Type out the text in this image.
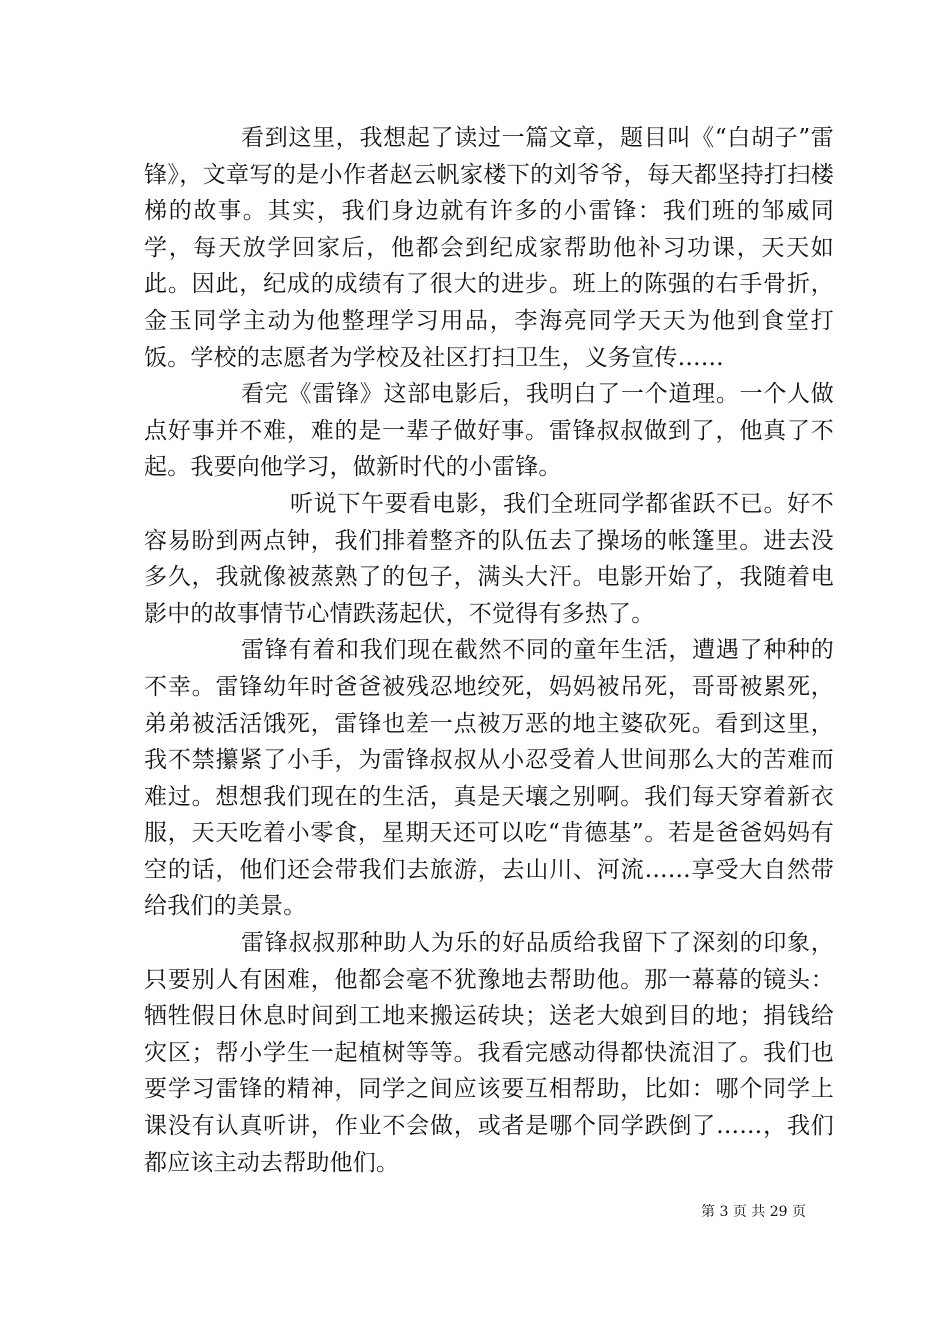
看到这里，我想起了读过一篇文章，题目叫《“白胡子”雷锋》，文章写的是小作者赵云帆家楼下的刘爷爷，每天都坚持打扫楼梯的故事。其实，我们身边就有许多的小雷锋：我们班的邹威同学，每天放学回家后，他都会到纪成家帮助他补习功课，天天如此。因此，纪成的成绩有了很大的进步。班上的陈强的右手骨折，金玉同学主动为他整理学习用品，李海亮同学天天为他到食堂打饭。学校的志愿者为学校及社区打扫卫生，义务宣传……

看完《雷锋》这部电影后，我明白了一个道理。一个人做点好事并不难，难的是一辈子做好事。雷锋叔叔做到了，他真了不起。我要向他学习，做新时代的小雷锋。

听说下午要看电影，我们全班同学都雀跃不已。好不容易盼到两点钟，我们排着整齐的队伍去了操场的帐篷里。进去没多久，我就像被蒸熟了的包子，满头大汗。电影开始了，我随着电影中的故事情节心情跌荡起伏，不觉得有多热了。

雷锋有着和我们现在截然不同的童年生活，遭遇了种种的不幸。雷锋幼年时爸爸被残忍地绞死，妈妈被吊死，哥哥被累死，弟弟被活活饿死，雷锋也差一点被万恶的地主婆砍死。看到这里，我不禁攥紧了小手，为雷锋叔叔从小忍受着人世间那么大的苦难而难过。想想我们现在的生活，真是天壤之别啊。我们每天穿着新衣服，天天吃着小零食，星期天还可以吃“肯德基”。若是爸爸妈妈有空的话，他们还会带我们去旅游，去山川、河流……享受大自然带给我们的美景。

雷锋叔叔那种助人为乐的好品质给我留下了深刻的印象，只要别人有困难，他都会毫不犹豫地去帮助他。那一幕幕的镜头：牺牲假日休息时间到工地来搬运砖块；送老大娘到目的地；捐钱给灾区；帮小学生一起植树等等。我看完感动得都快流泪了。我们也要学习雷锋的精神，同学之间应该要互相帮助，比如：哪个同学上课没有认真听讲，作业不会做，或者是哪个同学跌倒了……，我们都应该主动去帮助他们。

第 3 页 共 29 页
